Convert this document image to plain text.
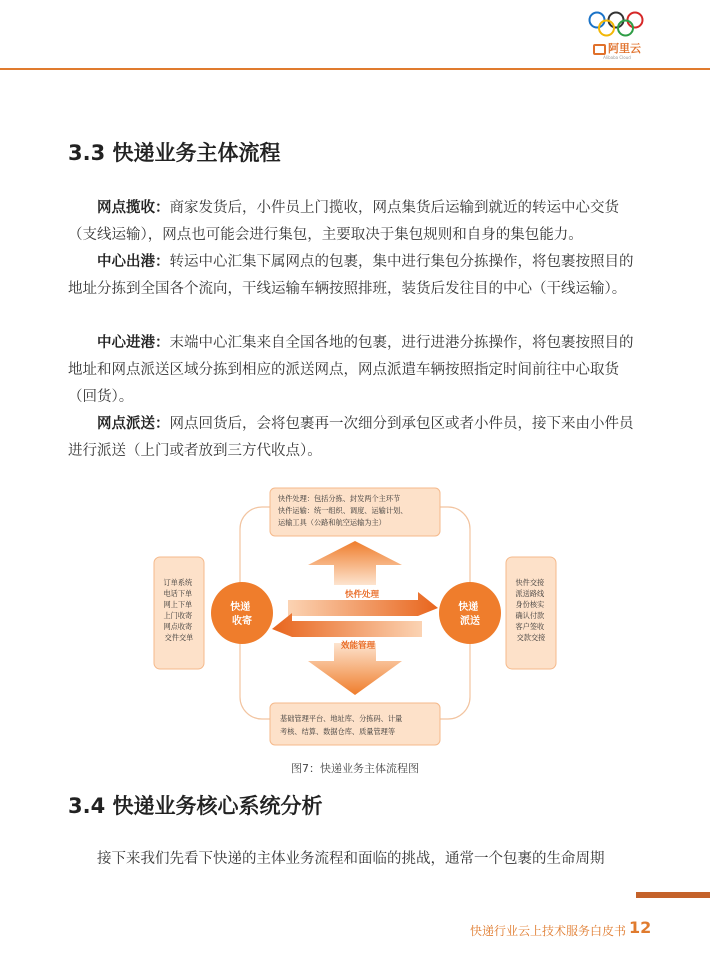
阿里云
Alibaba Cloud
3.3 快递业务主体流程
网点揽收：商家发货后，小件员上门揽收，网点集货后运输到就近的转运中心交货（支线运输），网点也可能会进行集包，主要取决于集包规则和自身的集包能力。
中心出港：转运中心汇集下属网点的包裹，集中进行集包分拣操作，将包裹按照目的地址分拣到全国各个流向，干线运输车辆按照排班，装货后发往目的中心（干线运输）。
中心进港：末端中心汇集来自全国各地的包裹，进行进港分拣操作，将包裹按照目的地址和网点派送区域分拣到相应的派送网点，网点派遣车辆按照指定时间前往中心取货（回货）。
网点派送：网点回货后，会将包裹再一次细分到承包区或者小件员，接下来由小件员进行派送（上门或者放到三方代收点）。
快件处理：包括分拣、封发两个主环节 快件运输：统一组织、调度、运输计划、 运输工具（公路和航空运输为主）
基础管理平台、地址库、分拣码、计量 考核、结算、数据仓库、质量管理等
订单系统 电话下单 网上下单 上门收寄 网点收寄 交件交单
快件交接 派送路线 身份核实 确认付款 客户签收 交款交接
快件处理
效能管理
快递 收寄
快递 派送
图7：快递业务主体流程图
3.4 快递业务核心系统分析
接下来我们先看下快递的主体业务流程和面临的挑战，通常一个包裹的生命周期
快递行业云上技术服务白皮书 12
